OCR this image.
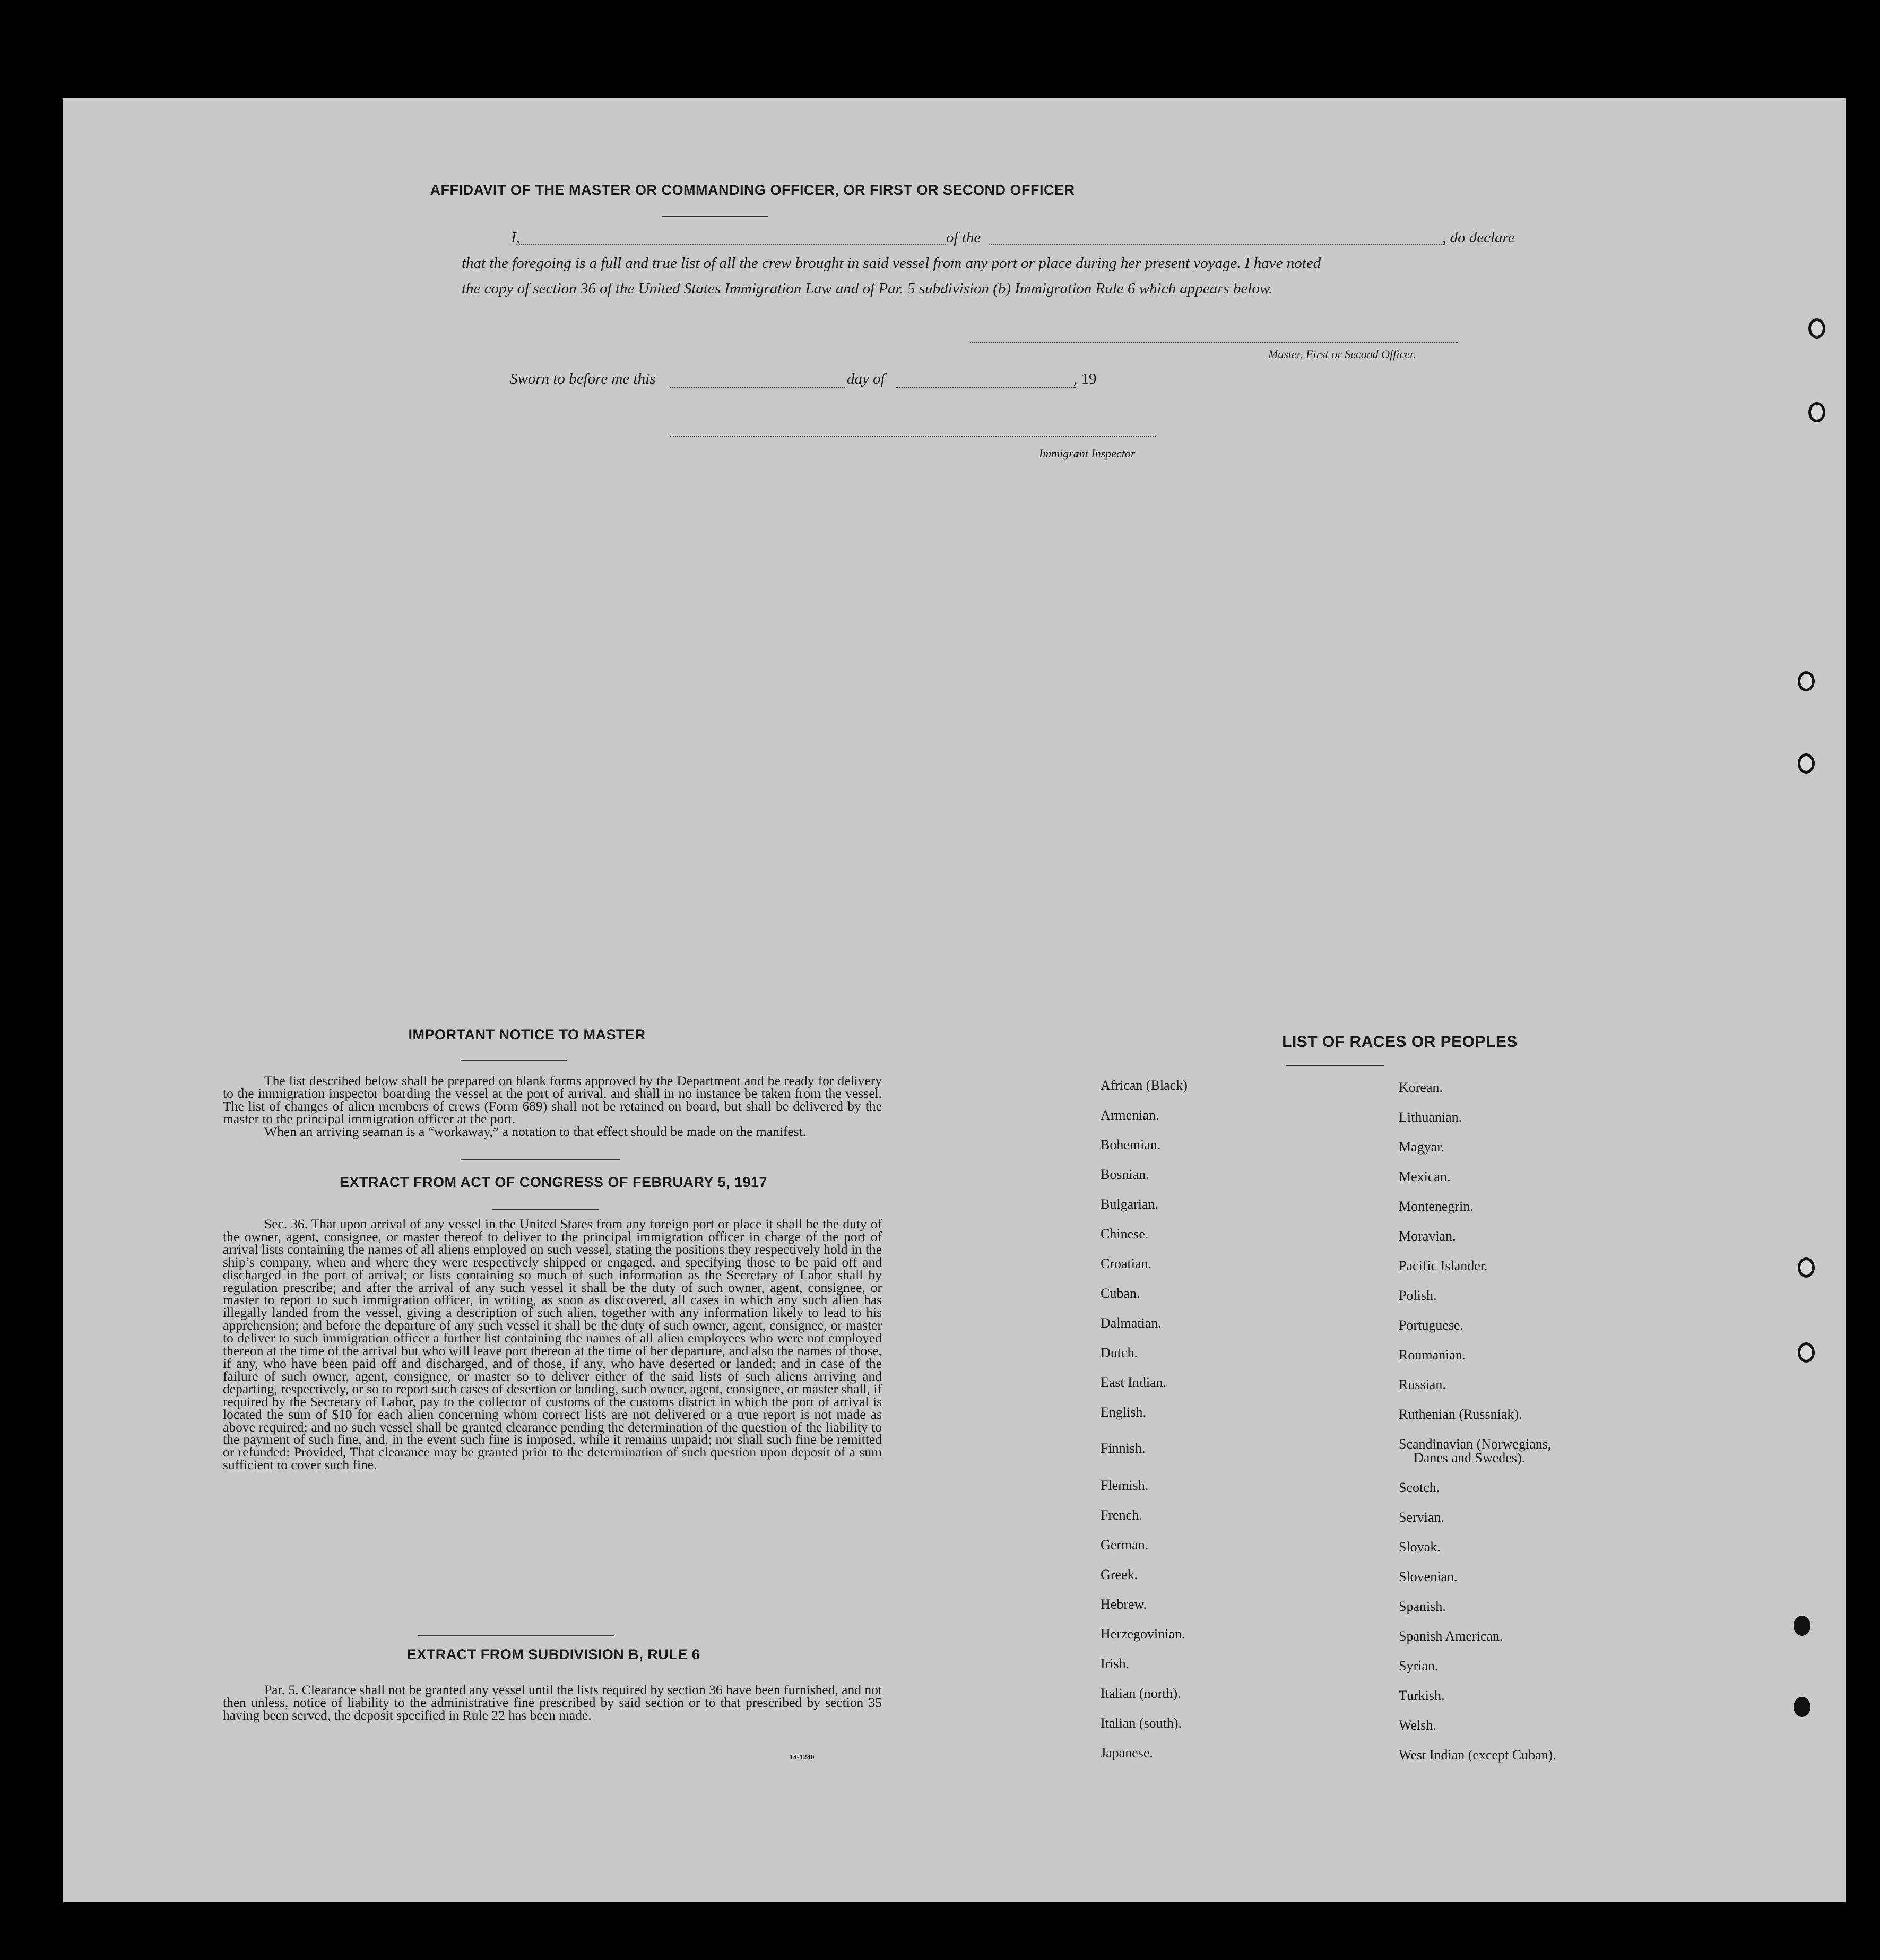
AFFIDAVIT OF THE MASTER OR COMMANDING OFFICER, OR FIRST OR SECOND OFFICER
I,	of the	, do declare
that the foregoing is a full and true list of all the crew brought in said vessel from any port or place during her present voyage. I have noted
the copy of section 36 of the United States Immigration Law and of Par. 5 subdivision (b) Immigration Rule 6 which appears below.
Master, First or Second Officer.
Sworn to before me this	day of	, 19
Immigrant Inspector
IMPORTANT NOTICE TO MASTER
The list described below shall be prepared on blank forms approved by the Department and be ready for delivery to the immigration inspector boarding the vessel at the port of arrival, and shall in no instance be taken from the vessel. The list of changes of alien members of crews (Form 689) shall not be retained on board, but shall be delivered by the master to the principal immigration officer at the port.
When an arriving seaman is a “workaway,” a notation to that effect should be made on the manifest.
EXTRACT FROM ACT OF CONGRESS OF FEBRUARY 5, 1917
Sec. 36. That upon arrival of any vessel in the United States from any foreign port or place it shall be the duty of the owner, agent, consignee, or master thereof to deliver to the principal immigration officer in charge of the port of arrival lists containing the names of all aliens employed on such vessel, stating the positions they respectively hold in the ship’s company, when and where they were respectively shipped or engaged, and specifying those to be paid off and discharged in the port of arrival; or lists containing so much of such information as the Secretary of Labor shall by regulation prescribe; and after the arrival of any such vessel it shall be the duty of such owner, agent, consignee, or master to report to such immigration officer, in writing, as soon as discovered, all cases in which any such alien has illegally landed from the vessel, giving a description of such alien, together with any information likely to lead to his apprehension; and before the departure of any such vessel it shall be the duty of such owner, agent, consignee, or master to deliver to such immigration officer a further list containing the names of all alien employees who were not employed thereon at the time of the arrival but who will leave port thereon at the time of her departure, and also the names of those, if any, who have been paid off and discharged, and of those, if any, who have deserted or landed; and in case of the failure of such owner, agent, consignee, or master so to deliver either of the said lists of such aliens arriving and departing, respectively, or so to report such cases of desertion or landing, such owner, agent, consignee, or master shall, if required by the Secretary of Labor, pay to the collector of customs of the customs district in which the port of arrival is located the sum of $10 for each alien concerning whom correct lists are not delivered or a true report is not made as above required; and no such vessel shall be granted clearance pending the determination of the question of the liability to the payment of such fine, and, in the event such fine is imposed, while it remains unpaid; nor shall such fine be remitted or refunded: Provided, That clearance may be granted prior to the determination of such question upon deposit of a sum sufficient to cover such fine.
EXTRACT FROM SUBDIVISION B, RULE 6
Par. 5. Clearance shall not be granted any vessel until the lists required by section 36 have been furnished, and not then unless, notice of liability to the administrative fine prescribed by said section or to that prescribed by section 35 having been served, the deposit specified in Rule 22 has been made.
14-1240
LIST OF RACES OR PEOPLES
African (Black)
Armenian.
Bohemian.
Bosnian.
Bulgarian.
Chinese.
Croatian.
Cuban.
Dalmatian.
Dutch.
East Indian.
English.
Finnish.
Flemish.
French.
German.
Greek.
Hebrew.
Herzegovinian.
Irish.
Italian (north).
Italian (south).
Japanese.
Korean.
Lithuanian.
Magyar.
Mexican.
Montenegrin.
Moravian.
Pacific Islander.
Polish.
Portuguese.
Roumanian.
Russian.
Ruthenian (Russniak).
Scandinavian (Norwegians,
Danes and Swedes).
Scotch.
Servian.
Slovak.
Slovenian.
Spanish.
Spanish American.
Syrian.
Turkish.
Welsh.
West Indian (except Cuban).
